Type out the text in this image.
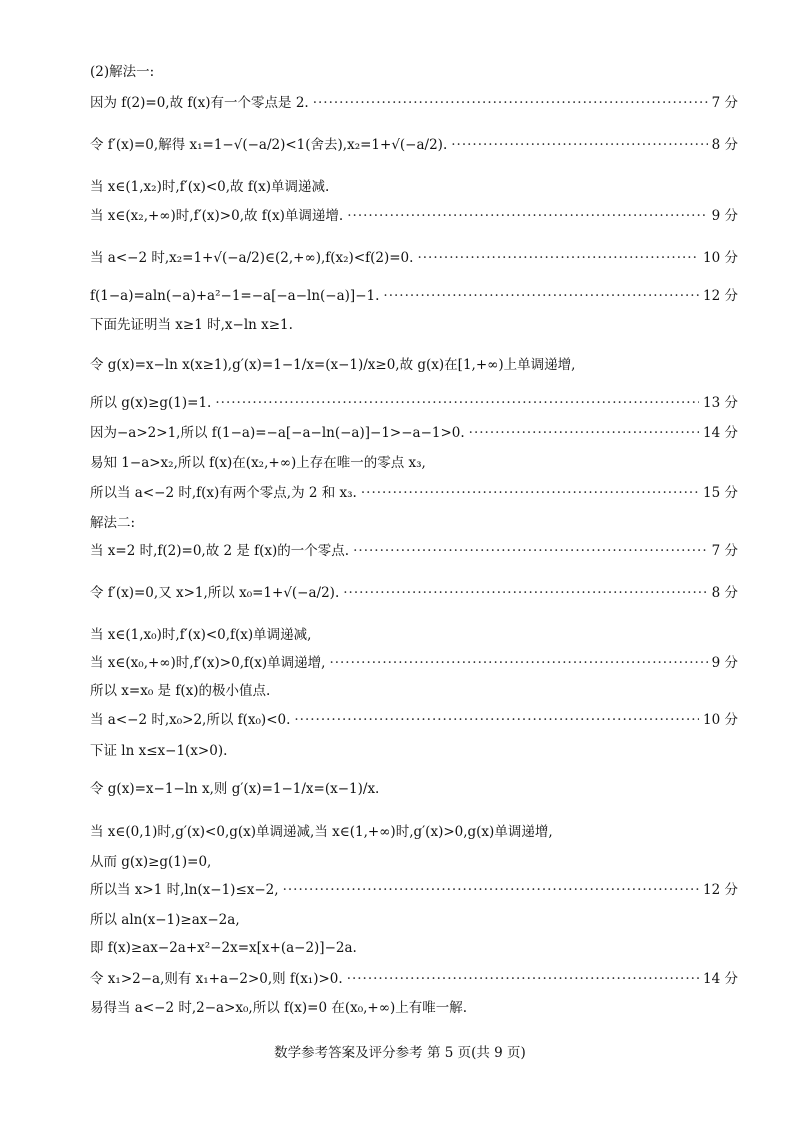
(2)解法一:
因为 f(2)=0,故 f(x)有一个零点是 2. ·····	7 分
令 f′(x)=0,解得 x₁=1−√(−a/2)<1(舍去),x₂=1+√(−a/2). ·····	8 分
当 x∈(1,x₂)时,f′(x)<0,故 f(x)单调递减.
当 x∈(x₂,+∞)时,f′(x)>0,故 f(x)单调递增. ·····	9 分
当 a<−2 时,x₂=1+√(−a/2)∈(2,+∞),f(x₂)<f(2)=0. ·····	10 分
f(1−a)=aln(−a)+a²−1=−a[−a−ln(−a)]−1. ·····	12 分
下面先证明当 x≥1 时,x−ln x≥1.
令 g(x)=x−ln x(x≥1),g′(x)=1−1/x=(x−1)/x≥0,故 g(x)在[1,+∞)上单调递增,
所以 g(x)≥g(1)=1. ·····	13 分
因为−a>2>1,所以 f(1−a)=−a[−a−ln(−a)]−1>−a−1>0. ·····	14 分
易知 1−a>x₂,所以 f(x)在(x₂,+∞)上存在唯一的零点 x₃,
所以当 a<−2 时,f(x)有两个零点,为 2 和 x₃. ·····	15 分
解法二:
当 x=2 时,f(2)=0,故 2 是 f(x)的一个零点. ·····	7 分
令 f′(x)=0,又 x>1,所以 x₀=1+√(−a/2). ·····	8 分
当 x∈(1,x₀)时,f′(x)<0,f(x)单调递减,
当 x∈(x₀,+∞)时,f′(x)>0,f(x)单调递增, ·····	9 分
所以 x=x₀ 是 f(x)的极小值点.
当 a<−2 时,x₀>2,所以 f(x₀)<0. ·····	10 分
下证 ln x≤x−1(x>0).
令 g(x)=x−1−ln x,则 g′(x)=1−1/x=(x−1)/x.
当 x∈(0,1)时,g′(x)<0,g(x)单调递减,当 x∈(1,+∞)时,g′(x)>0,g(x)单调递增,
从而 g(x)≥g(1)=0,
所以当 x>1 时,ln(x−1)≤x−2, ·····	12 分
所以 aln(x−1)≥ax−2a,
即 f(x)≥ax−2a+x²−2x=x[x+(a−2)]−2a.
令 x₁>2−a,则有 x₁+a−2>0,则 f(x₁)>0. ·····	14 分
易得当 a<−2 时,2−a>x₀,所以 f(x)=0 在(x₀,+∞)上有唯一解.
数学参考答案及评分参考 第 5 页(共 9 页)
